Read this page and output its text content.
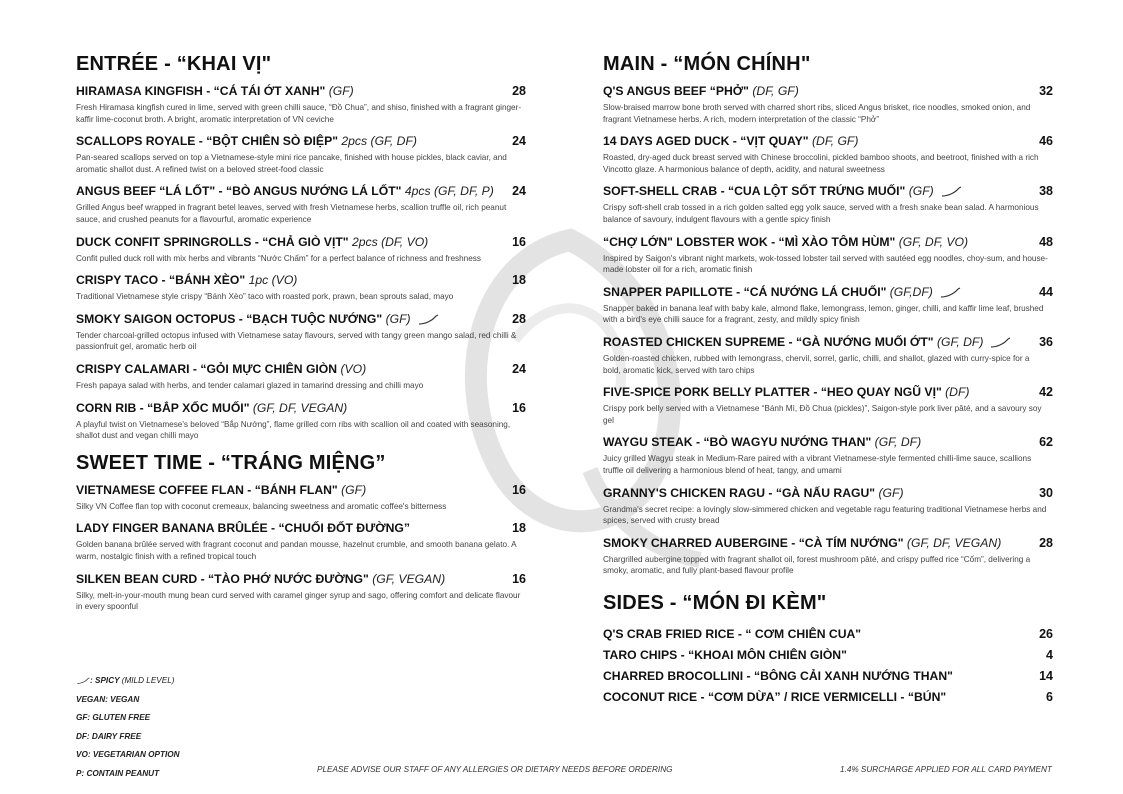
ENTRÉE - “KHAI VỊ"
HIRAMASA KINGFISH - “CÁ TÁI ỚT XANH" (GF)	28
Fresh Hiramasa kingfish cured in lime, served with green chilli sauce, “Đồ Chua”, and shiso, finished with a fragrant ginger-kaffir lime-coconut broth. A bright, aromatic interpretation of VN ceviche
SCALLOPS ROYALE - “BỘT CHIÊN SÒ ĐIỆP" 2pcs (GF, DF)	24
Pan-seared scallops served on top a Vietnamese-style mini rice pancake, finished with house pickles, black caviar, and aromatic shallot dust. A refined twist on a beloved street-food classic
ANGUS BEEF “LÁ LỐT" - “BÒ ANGUS NƯỚNG LÁ LỐT" 4pcs (GF, DF, P) 24
Grilled Angus beef wrapped in fragrant betel leaves, served with fresh Vietnamese herbs, scallion truffle oil, rich peanut sauce, and crushed peanuts for a flavourful, aromatic experience
DUCK CONFIT SPRINGROLLS - “CHẢ GIÒ VỊT" 2pcs (DF, VO)	16
Confit pulled duck roll with mix herbs and vibrants “Nước Chấm” for a perfect balance of richness and freshness
CRISPY TACO - “BÁNH XÈO" 1pc (VO)	18
Traditional Vietnamese style crispy “Bánh Xèo” taco with roasted pork, prawn, bean sprouts salad, mayo
SMOKY SAIGON OCTOPUS - “BẠCH TUỘC NƯỚNG" (GF)	28
Tender charcoal-grilled octopus infused with Vietnamese satay flavours, served with tangy green mango salad, red chilli & passionfruit gel, aromatic herb oil
CRISPY CALAMARI - “GỎI MỰC CHIÊN GIÒN (VO)	24
Fresh papaya salad with herbs, and tender calamari glazed in tamarind dressing and chilli mayo
CORN RIB - “BẮP XỐC MUỐI" (GF, DF, VEGAN)	16
A playful twist on Vietnamese's beloved “Bắp Nướng”, flame grilled corn ribs with scallion oil and coated with seasoning, shallot dust and vegan chilli mayo
SWEET TIME - “TRÁNG MIỆNG”
VIETNAMESE COFFEE FLAN - “BÁNH FLAN" (GF)	16
Silky VN Coffee flan top with coconut cremeaux, balancing sweetness and aromatic coffee's bitterness
LADY FINGER BANANA BRÛLÉE - “CHUỐI ĐỐT ĐƯỜNG”	18
Golden banana brûlée served with fragrant coconut and pandan mousse, hazelnut crumble, and smooth banana gelato. A warm, nostalgic finish with a refined tropical touch
SILKEN BEAN CURD - “TÀO PHỚ NƯỚC ĐƯỜNG" (GF, VEGAN)	16
Silky, melt-in-your-mouth mung bean curd served with caramel ginger syrup and sago, offering comfort and delicate flavour in every spoonful
MAIN - “MÓN CHÍNH"
Q'S ANGUS BEEF “PHỞ" (DF, GF)	32
Slow-braised marrow bone broth served with charred short ribs, sliced Angus brisket, rice noodles, smoked onion, and fragrant Vietnamese herbs. A rich, modern interpretation of the classic “Phở”
14 DAYS AGED DUCK - “VỊT QUAY" (DF, GF)	46
Roasted, dry-aged duck breast served with Chinese broccolini, pickled bamboo shoots, and beetroot, finished with a rich Vincotto glaze. A harmonious balance of depth, acidity, and natural sweetness
SOFT-SHELL CRAB - “CUA LỘT SỐT TRỨNG MUỐI" (GF)	38
Crispy soft-shell crab tossed in a rich golden salted egg yolk sauce, served with a fresh snake bean salad. A harmonious balance of savoury, indulgent flavours with a gentle spicy finish
“CHỢ LỚN" LOBSTER WOK - “MÌ XÀO TÔM HÙM" (GF, DF, VO)	48
Inspired by Saigon's vibrant night markets, wok-tossed lobster tail served with sautéed egg noodles, choy-sum, and house-made lobster oil for a rich, aromatic finish
SNAPPER PAPILLOTE - “CÁ NƯỚNG LÁ CHUỐI" (GF,DF)	44
Snapper baked in banana leaf with baby kale, almond flake, lemongrass, lemon, ginger, chilli, and kaffir lime leaf, brushed with a bird's eye chilli sauce for a fragrant, zesty, and mildly spicy finish
ROASTED CHICKEN SUPREME - “GÀ NƯỚNG MUỐI ỚT" (GF, DF)	36
Golden-roasted chicken, rubbed with lemongrass, chervil, sorrel, garlic, chilli, and shallot, glazed with curry-spice for a bold, aromatic kick, served with taro chips
FIVE-SPICE PORK BELLY PLATTER - “HEO QUAY NGŨ VỊ" (DF)	42
Crispy pork belly served with a Vietnamese “Bánh Mì, Đồ Chua (pickles)”, Saigon-style pork liver pâté, and a savoury soy gel
WAYGU STEAK - “BÒ WAGYU NƯỚNG THAN" (GF, DF)	62
Juicy grilled Wagyu steak in Medium-Rare paired with a vibrant Vietnamese-style fermented chilli-lime sauce, scallions truffle oil delivering a harmonious blend of heat, tangy, and umami
GRANNY'S CHICKEN RAGU - “GÀ NẤU RAGU" (GF)	30
Grandma's secret recipe: a lovingly slow-simmered chicken and vegetable ragu featuring traditional Vietnamese herbs and spices, served with crusty bread
SMOKY CHARRED AUBERGINE - “CÀ TÍM NƯỚNG" (GF, DF, VEGAN)	28
Chargrilled aubergine topped with fragrant shallot oil, forest mushroom pâté, and crispy puffed rice “Cốm”, delivering a smoky, aromatic, and fully plant-based flavour profile
SIDES - “MÓN ĐI KÈM"
Q'S CRAB FRIED RICE - “ CƠM CHIÊN CUA"	26
TARO CHIPS - “KHOAI MÔN CHIÊN GIÒN"	4
CHARRED BROCOLLINI - “BÔNG CẢI XANH NƯỚNG THAN"	14
COCONUT RICE - “CƠM DỪA” / RICE VERMICELLI - “BÚN"	6
: SPICY (MILD LEVEL)
VEGAN: VEGAN
GF: GLUTEN FREE
DF: DAIRY FREE
VO: VEGETARIAN OPTION
P: CONTAIN PEANUT	PLEASE ADVISE OUR STAFF OF ANY ALLERGIES OR DIETARY NEEDS BEFORE ORDERING	1.4% SURCHARGE APPLIED FOR ALL CARD PAYMENT
